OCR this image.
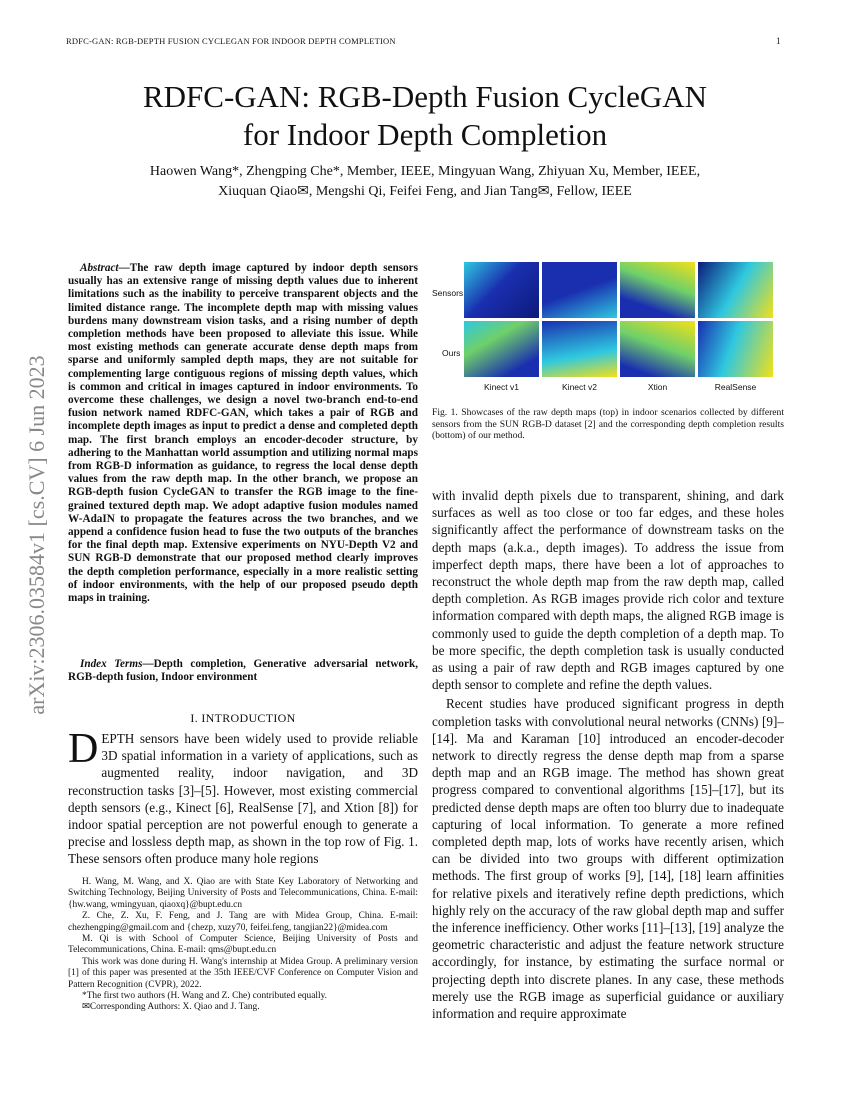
RDFC-GAN: RGB-DEPTH FUSION CYCLEGAN FOR INDOOR DEPTH COMPLETION	1
arXiv:2306.03584v1 [cs.CV] 6 Jun 2023
RDFC-GAN: RGB-Depth Fusion CycleGAN
for Indoor Depth Completion
Haowen Wang*, Zhengping Che*, Member, IEEE, Mingyuan Wang, Zhiyuan Xu, Member, IEEE,
Xiuquan Qiao✉, Mengshi Qi, Feifei Feng, and Jian Tang✉, Fellow, IEEE
Abstract—The raw depth image captured by indoor depth sensors usually has an extensive range of missing depth values due to inherent limitations such as the inability to perceive transparent objects and the limited distance range. The incomplete depth map with missing values burdens many downstream vision tasks, and a rising number of depth completion methods have been proposed to alleviate this issue. While most existing methods can generate accurate dense depth maps from sparse and uniformly sampled depth maps, they are not suitable for complementing large contiguous regions of missing depth values, which is common and critical in images captured in indoor environments. To overcome these challenges, we design a novel two-branch end-to-end fusion network named RDFC-GAN, which takes a pair of RGB and incomplete depth images as input to predict a dense and completed depth map. The first branch employs an encoder-decoder structure, by adhering to the Manhattan world assumption and utilizing normal maps from RGB-D information as guidance, to regress the local dense depth values from the raw depth map. In the other branch, we propose an RGB-depth fusion CycleGAN to transfer the RGB image to the fine-grained textured depth map. We adopt adaptive fusion modules named W-AdaIN to propagate the features across the two branches, and we append a confidence fusion head to fuse the two outputs of the branches for the final depth map. Extensive experiments on NYU-Depth V2 and SUN RGB-D demonstrate that our proposed method clearly improves the depth completion performance, especially in a more realistic setting of indoor environments, with the help of our proposed pseudo depth maps in training.
Index Terms—Depth completion, Generative adversarial network, RGB-depth fusion, Indoor environment
I. INTRODUCTION
DEPTH sensors have been widely used to provide reliable 3D spatial information in a variety of applications, such as augmented reality, indoor navigation, and 3D reconstruction tasks [3]–[5]. However, most existing commercial depth sensors (e.g., Kinect [6], RealSense [7], and Xtion [8]) for indoor spatial perception are not powerful enough to generate a precise and lossless depth map, as shown in the top row of Fig. 1. These sensors often produce many hole regions

H. Wang, M. Wang, and X. Qiao are with State Key Laboratory of Networking and Switching Technology, Beijing University of Posts and Telecommunications, China. E-mail: {hw.wang, wmingyuan, qiaoxq}@bupt.edu.cn

Z. Che, Z. Xu, F. Feng, and J. Tang are with Midea Group, China. E-mail: chezhengping@gmail.com and {chezp, xuzy70, feifei.feng, tangjian22}@midea.com

M. Qi is with School of Computer Science, Beijing University of Posts and Telecommunications, China. E-mail: qms@bupt.edu.cn

This work was done during H. Wang's internship at Midea Group. A preliminary version [1] of this paper was presented at the 35th IEEE/CVF Conference on Computer Vision and Pattern Recognition (CVPR), 2022.

*The first two authors (H. Wang and Z. Che) contributed equally.

✉Corresponding Authors: X. Qiao and J. Tang.

Sensors
Ours
Kinect v1	Kinect v2	Xtion	RealSense
Fig. 1. Showcases of the raw depth maps (top) in indoor scenarios collected by different sensors from the SUN RGB-D dataset [2] and the corresponding depth completion results (bottom) of our method.

with invalid depth pixels due to transparent, shining, and dark surfaces as well as too close or too far edges, and these holes significantly affect the performance of downstream tasks on the depth maps (a.k.a., depth images). To address the issue from imperfect depth maps, there have been a lot of approaches to reconstruct the whole depth map from the raw depth map, called depth completion. As RGB images provide rich color and texture information compared with depth maps, the aligned RGB image is commonly used to guide the depth completion of a depth map. To be more specific, the depth completion task is usually conducted as using a pair of raw depth and RGB images captured by one depth sensor to complete and refine the depth values.

Recent studies have produced significant progress in depth completion tasks with convolutional neural networks (CNNs) [9]–[14]. Ma and Karaman [10] introduced an encoder-decoder network to directly regress the dense depth map from a sparse depth map and an RGB image. The method has shown great progress compared to conventional algorithms [15]–[17], but its predicted dense depth maps are often too blurry due to inadequate capturing of local information. To generate a more refined completed depth map, lots of works have recently arisen, which can be divided into two groups with different optimization methods. The first group of works [9], [14], [18] learn affinities for relative pixels and iteratively refine depth predictions, which highly rely on the accuracy of the raw global depth map and suffer the inference inefficiency. Other works [11]–[13], [19] analyze the geometric characteristic and adjust the feature network structure accordingly, for instance, by estimating the surface normal or projecting depth into discrete planes. In any case, these methods merely use the RGB image as superficial guidance or auxiliary information and require approximate
